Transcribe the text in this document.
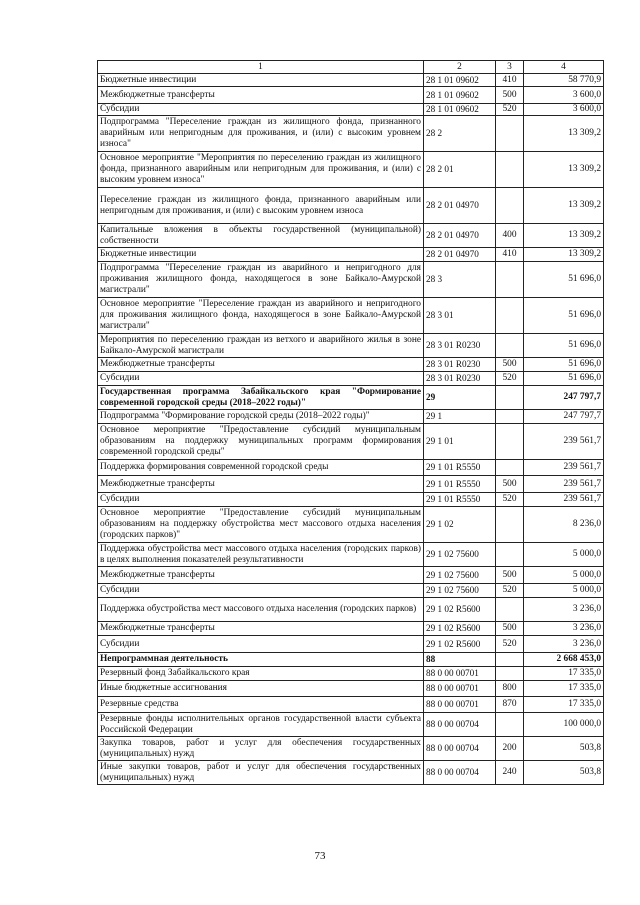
1	2	3	4
Бюджетные инвестиции	28 1 01 09602	410	58 770,9
Межбюджетные трансферты	28 1 01 09602	500	3 600,0
Субсидии	28 1 01 09602	520	3 600,0
Подпрограмма "Переселение граждан из жилищного фонда, признанного аварийным или непригодным для проживания, и (или) с высоким уровнем износа"	28 2		13 309,2
Основное мероприятие "Мероприятия по переселению граждан из жилищного фонда, признанного аварийным или непригодным для проживания, и (или) с высоким уровнем износа"	28 2 01		13 309,2
Переселение граждан из жилищного фонда, признанного аварийным или непригодным для проживания, и (или) с высоким уровнем износа	28 2 01 04970		13 309,2
Капитальные вложения в объекты государственной (муниципальной) собственности	28 2 01 04970	400	13 309,2
Бюджетные инвестиции	28 2 01 04970	410	13 309,2
Подпрограмма "Переселение граждан из аварийного и непригодного для проживания жилищного фонда, находящегося в зоне Байкало-Амурской магистрали"	28 3		51 696,0
Основное мероприятие "Переселение граждан из аварийного и непригодного для проживания жилищного фонда, находящегося в зоне Байкало-Амурской магистрали"	28 3 01		51 696,0
Мероприятия по переселению граждан из ветхого и аварийного жилья в зоне Байкало-Амурской магистрали	28 3 01 R0230		51 696,0
Межбюджетные трансферты	28 3 01 R0230	500	51 696,0
Субсидии	28 3 01 R0230	520	51 696,0
Государственная программа Забайкальского края "Формирование современной городской среды (2018–2022 годы)"	29		247 797,7
Подпрограмма "Формирование городской среды (2018–2022 годы)"	29 1		247 797,7
Основное мероприятие "Предоставление субсидий муниципальным образованиям на поддержку муниципальных программ формирования современной городской среды"	29 1 01		239 561,7
Поддержка формирования современной городской среды	29 1 01 R5550		239 561,7
Межбюджетные трансферты	29 1 01 R5550	500	239 561,7
Субсидии	29 1 01 R5550	520	239 561,7
Основное мероприятие "Предоставление субсидий муниципальным образованиям на поддержку обустройства мест массового отдыха населения (городских парков)"	29 1 02		8 236,0
Поддержка обустройства мест массового отдыха населения (городских парков) в целях выполнения показателей результативности	29 1 02 75600		5 000,0
Межбюджетные трансферты	29 1 02 75600	500	5 000,0
Субсидии	29 1 02 75600	520	5 000,0
Поддержка обустройства мест массового отдыха населения (городских парков)	29 1 02 R5600		3 236,0
Межбюджетные трансферты	29 1 02 R5600	500	3 236,0
Субсидии	29 1 02 R5600	520	3 236,0
Непрограммная деятельность	88		2 668 453,0
Резервный фонд Забайкальского края	88 0 00 00701		17 335,0
Иные бюджетные ассигнования	88 0 00 00701	800	17 335,0
Резервные средства	88 0 00 00701	870	17 335,0
Резервные фонды исполнительных органов государственной власти субъекта Российской Федерации	88 0 00 00704		100 000,0
Закупка товаров, работ и услуг для обеспечения государственных (муниципальных) нужд	88 0 00 00704	200	503,8
Иные закупки товаров, работ и услуг для обеспечения государственных (муниципальных) нужд	88 0 00 00704	240	503,8
73
